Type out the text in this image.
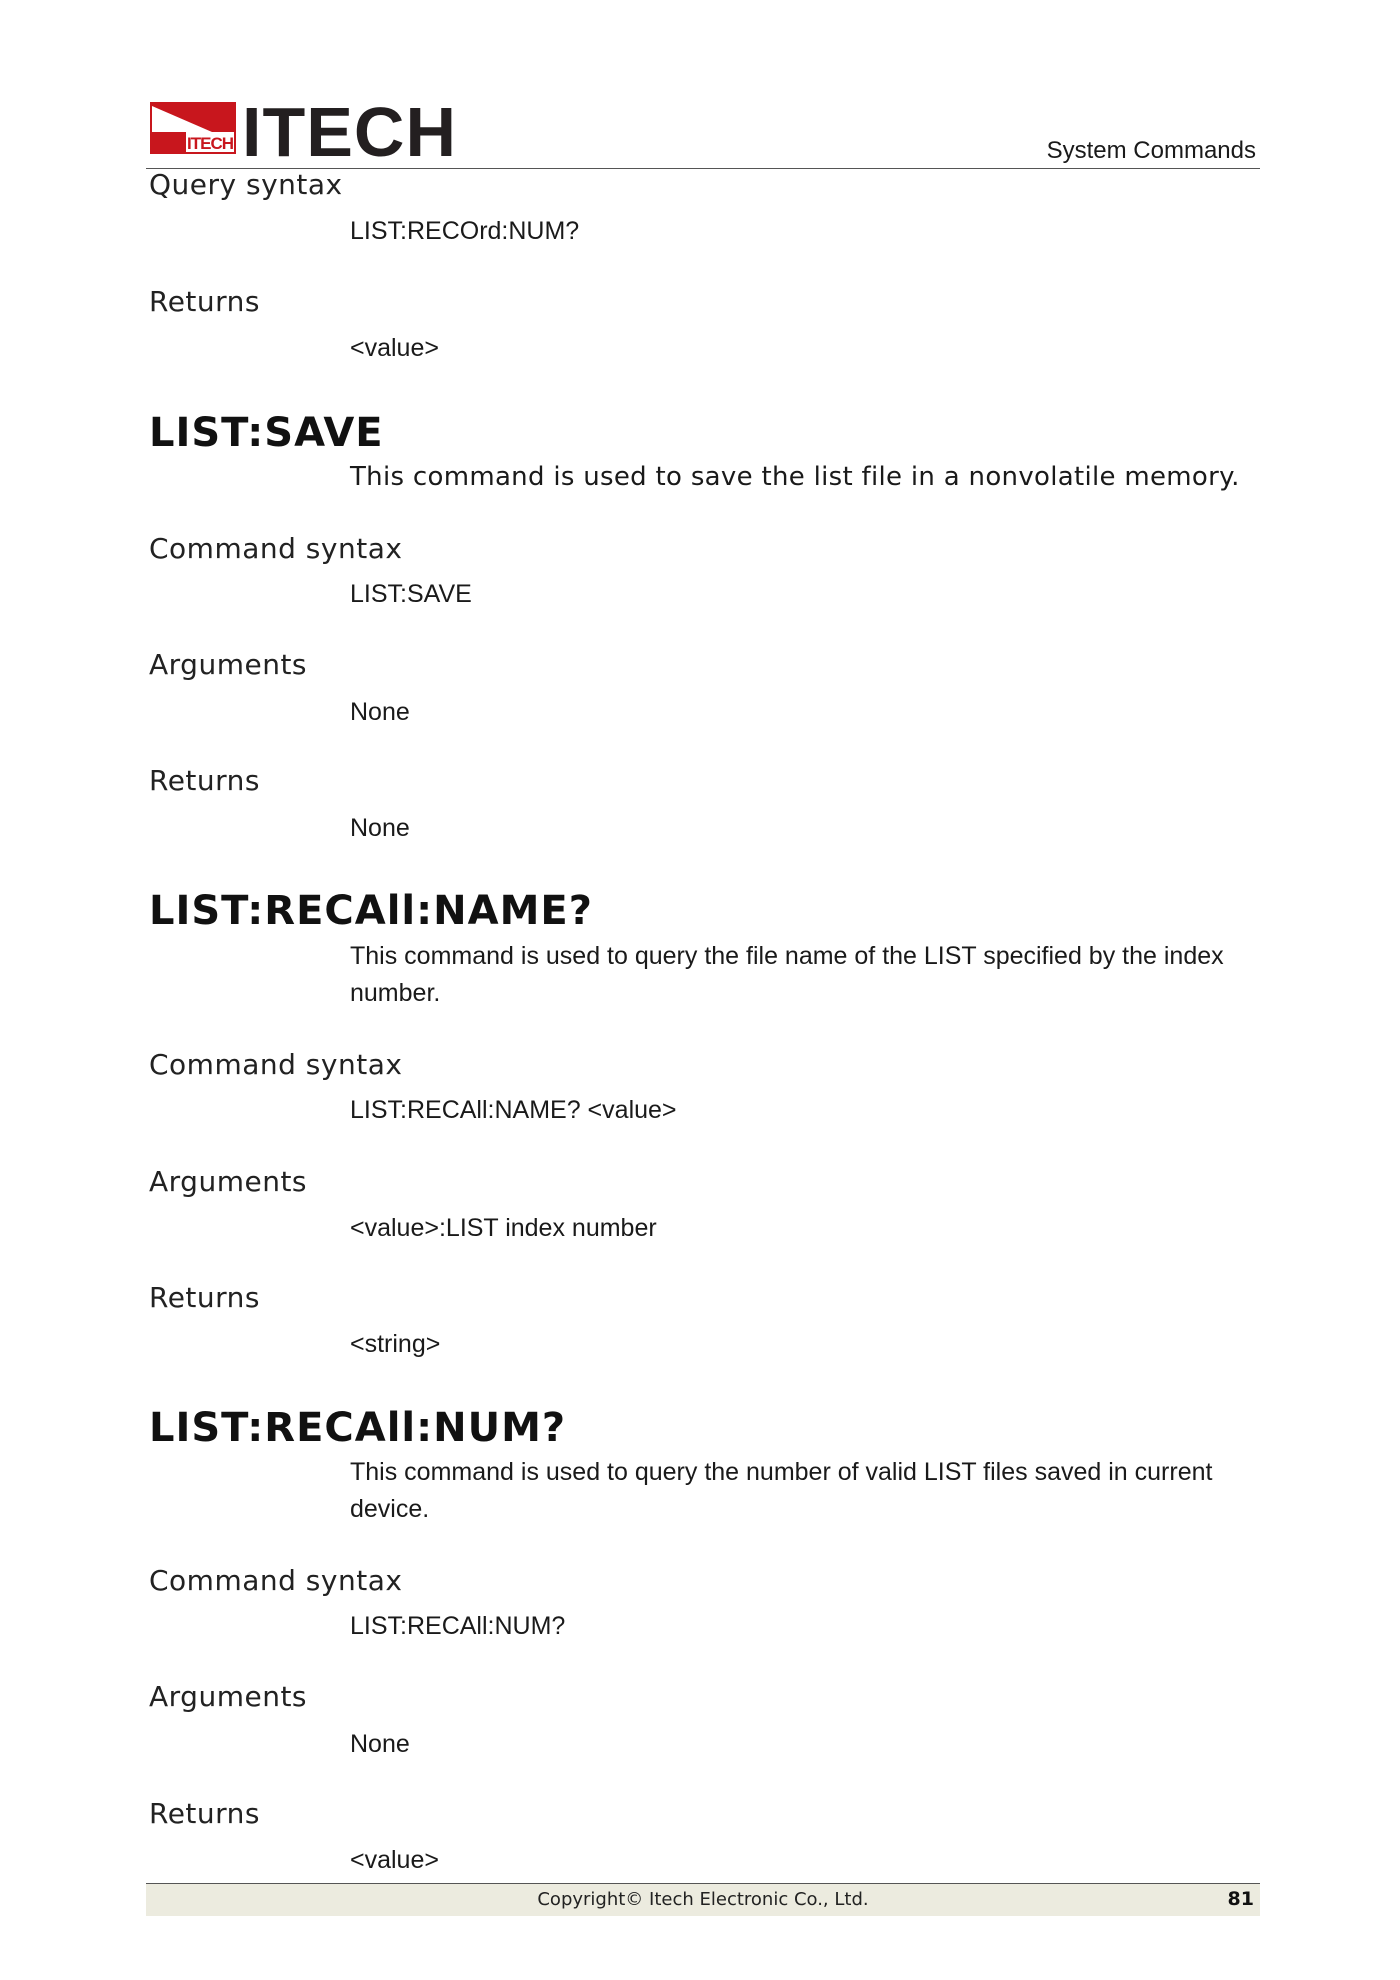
ITECH ITECH	System Commands
Query syntax
LIST:RECOrd:NUM?
Returns
<value>
LIST:SAVE
This command is used to save the list file in a nonvolatile memory.
Command syntax
LIST:SAVE
Arguments
None
Returns
None
LIST:RECAll:NAME?
This command is used to query the file name of the LIST specified by the index number.
Command syntax
LIST:RECAll:NAME? <value>
Arguments
<value>:LIST index number
Returns
<string>
LIST:RECAll:NUM?
This command is used to query the number of valid LIST files saved in current device.
Command syntax
LIST:RECAll:NUM?
Arguments
None
Returns
<value>
Copyright© Itech Electronic Co., Ltd.	81
